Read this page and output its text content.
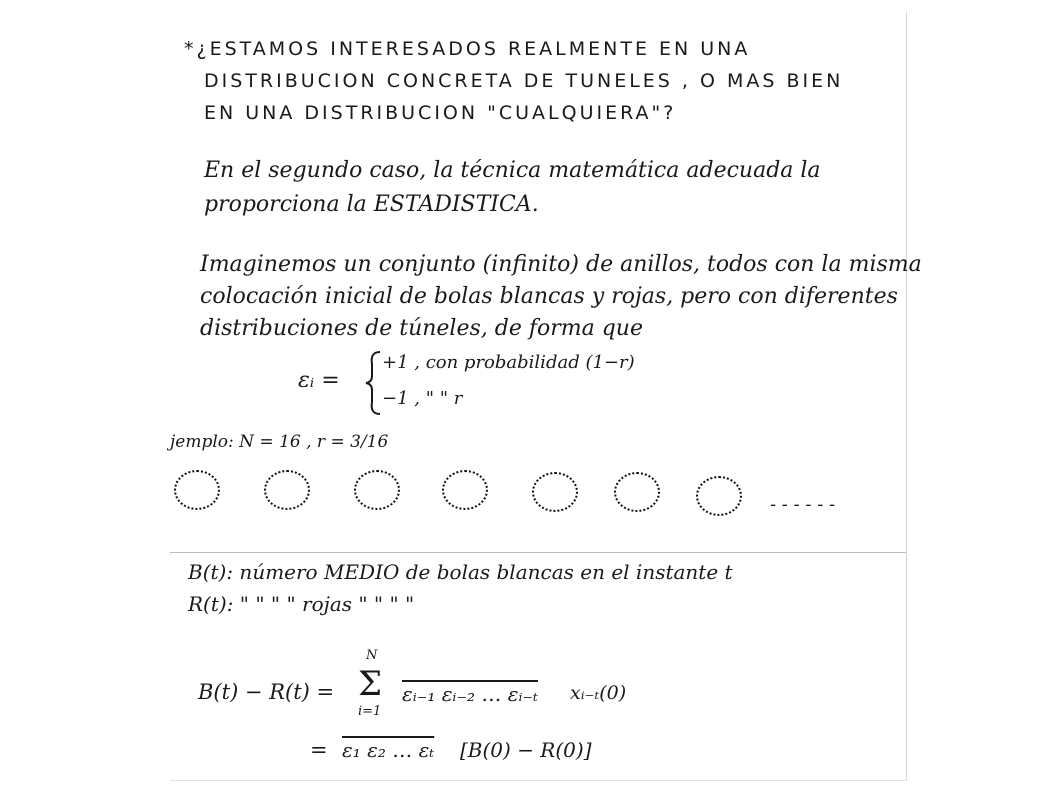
*¿ESTAMOS INTERESADOS REALMENTE EN UNA
DISTRIBUCION CONCRETA DE TUNELES , O MAS BIEN
EN UNA DISTRIBUCION "CUALQUIERA"?
En el segundo caso, la técnica matemática adecuada la
proporciona la ESTADISTICA.
Imaginemos un conjunto (infinito) de anillos, todos con la misma
colocación inicial de bolas blancas y rojas, pero con diferentes
distribuciones de túneles, de forma que
εᵢ =
+1 , con probabilidad (1−r)
−1 , " " r
jemplo: N = 16 , r = 3/16
- - - - - -
B(t): número MEDIO de bolas blancas en el instante t
R(t): " " " " rojas " " " "
B(t) − R(t) =
N
Σ
i=1
εᵢ₋₁ εᵢ₋₂ … εᵢ₋ₜ xᵢ₋ₜ(0)
= ε₁ ε₂ … εₜ [B(0) − R(0)]
